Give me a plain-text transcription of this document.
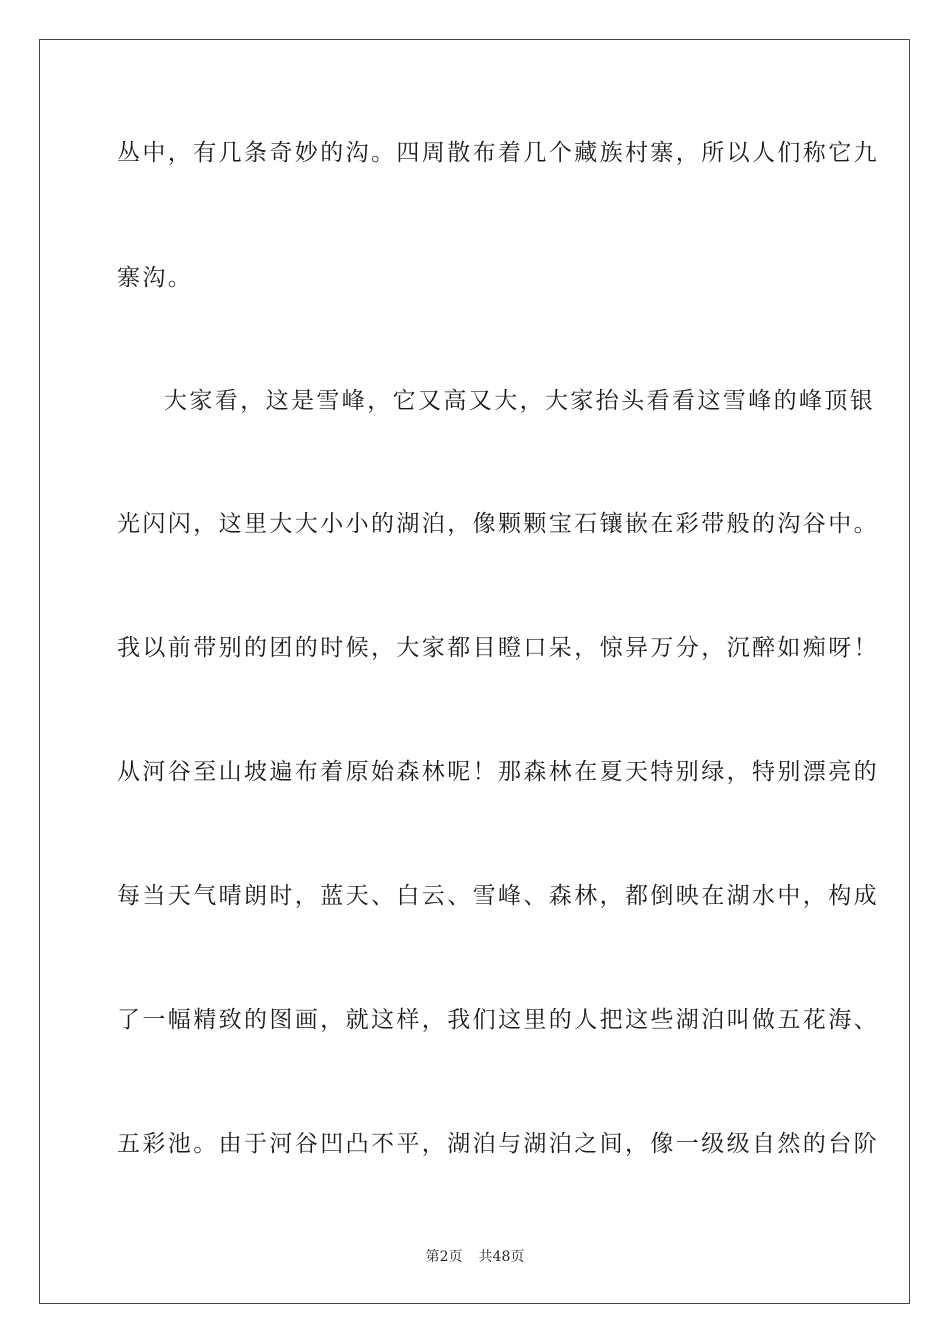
丛中，有几条奇妙的沟。四周散布着几个藏族村寨，所以人们称它九
寨沟。
大家看，这是雪峰，它又高又大，大家抬头看看这雪峰的峰顶银
光闪闪，这里大大小小的湖泊，像颗颗宝石镶嵌在彩带般的沟谷中。
我以前带别的团的时候，大家都目瞪口呆，惊异万分，沉醉如痴呀！
从河谷至山坡遍布着原始森林呢！那森林在夏天特别绿，特别漂亮的
每当天气晴朗时，蓝天、白云、雪峰、森林，都倒映在湖水中，构成
了一幅精致的图画，就这样，我们这里的人把这些湖泊叫做五花海、
五彩池。由于河谷凹凸不平，湖泊与湖泊之间，像一级级自然的台阶
第2页 共48页
